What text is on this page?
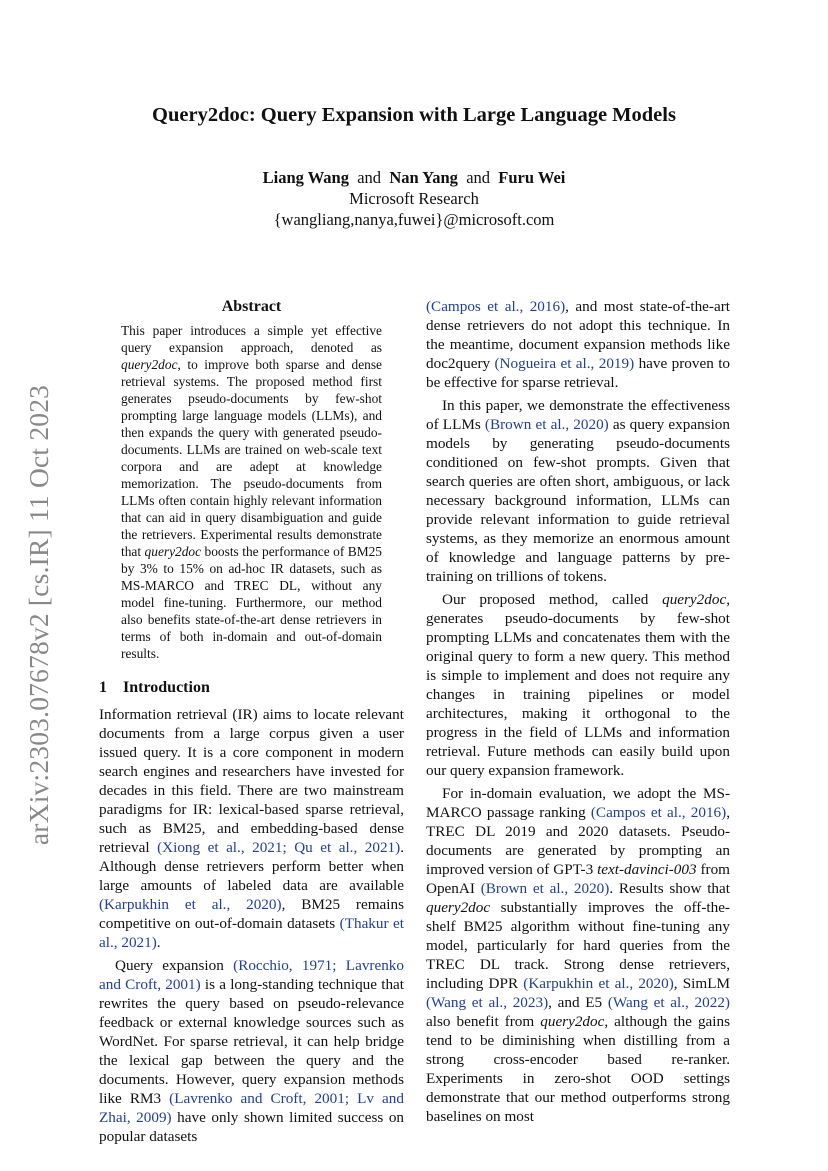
arXiv:2303.07678v2 [cs.IR] 11 Oct 2023
Query2doc: Query Expansion with Large Language Models
Liang Wang and Nan Yang and Furu Wei
Microsoft Research
{wangliang,nanya,fuwei}@microsoft.com
Abstract

This paper introduces a simple yet effective query expansion approach, denoted as query2doc, to improve both sparse and dense retrieval systems. The proposed method first generates pseudo-documents by few-shot prompting large language models (LLMs), and then expands the query with generated pseudo-documents. LLMs are trained on web-scale text corpora and are adept at knowledge memorization. The pseudo-documents from LLMs often contain highly relevant information that can aid in query disambiguation and guide the retrievers. Experimental results demonstrate that query2doc boosts the performance of BM25 by 3% to 15% on ad-hoc IR datasets, such as MS-MARCO and TREC DL, without any model fine-tuning. Furthermore, our method also benefits state-of-the-art dense retrievers in terms of both in-domain and out-of-domain results.

1 Introduction

Information retrieval (IR) aims to locate relevant documents from a large corpus given a user issued query. It is a core component in modern search engines and researchers have invested for decades in this field. There are two mainstream paradigms for IR: lexical-based sparse retrieval, such as BM25, and embedding-based dense retrieval (Xiong et al., 2021; Qu et al., 2021). Although dense retrievers perform better when large amounts of labeled data are available (Karpukhin et al., 2020), BM25 remains competitive on out-of-domain datasets (Thakur et al., 2021).

Query expansion (Rocchio, 1971; Lavrenko and Croft, 2001) is a long-standing technique that rewrites the query based on pseudo-relevance feedback or external knowledge sources such as WordNet. For sparse retrieval, it can help bridge the lexical gap between the query and the documents. However, query expansion methods like RM3 (Lavrenko and Croft, 2001; Lv and Zhai, 2009) have only shown limited success on popular datasets

(Campos et al., 2016), and most state-of-the-art dense retrievers do not adopt this technique. In the meantime, document expansion methods like doc2query (Nogueira et al., 2019) have proven to be effective for sparse retrieval.

In this paper, we demonstrate the effectiveness of LLMs (Brown et al., 2020) as query expansion models by generating pseudo-documents conditioned on few-shot prompts. Given that search queries are often short, ambiguous, or lack necessary background information, LLMs can provide relevant information to guide retrieval systems, as they memorize an enormous amount of knowledge and language patterns by pre-training on trillions of tokens.

Our proposed method, called query2doc, generates pseudo-documents by few-shot prompting LLMs and concatenates them with the original query to form a new query. This method is simple to implement and does not require any changes in training pipelines or model architectures, making it orthogonal to the progress in the field of LLMs and information retrieval. Future methods can easily build upon our query expansion framework.

For in-domain evaluation, we adopt the MS-MARCO passage ranking (Campos et al., 2016), TREC DL 2019 and 2020 datasets. Pseudo-documents are generated by prompting an improved version of GPT-3 text-davinci-003 from OpenAI (Brown et al., 2020). Results show that query2doc substantially improves the off-the-shelf BM25 algorithm without fine-tuning any model, particularly for hard queries from the TREC DL track. Strong dense retrievers, including DPR (Karpukhin et al., 2020), SimLM (Wang et al., 2023), and E5 (Wang et al., 2022) also benefit from query2doc, although the gains tend to be diminishing when distilling from a strong cross-encoder based re-ranker. Experiments in zero-shot OOD settings demonstrate that our method outperforms strong baselines on most
